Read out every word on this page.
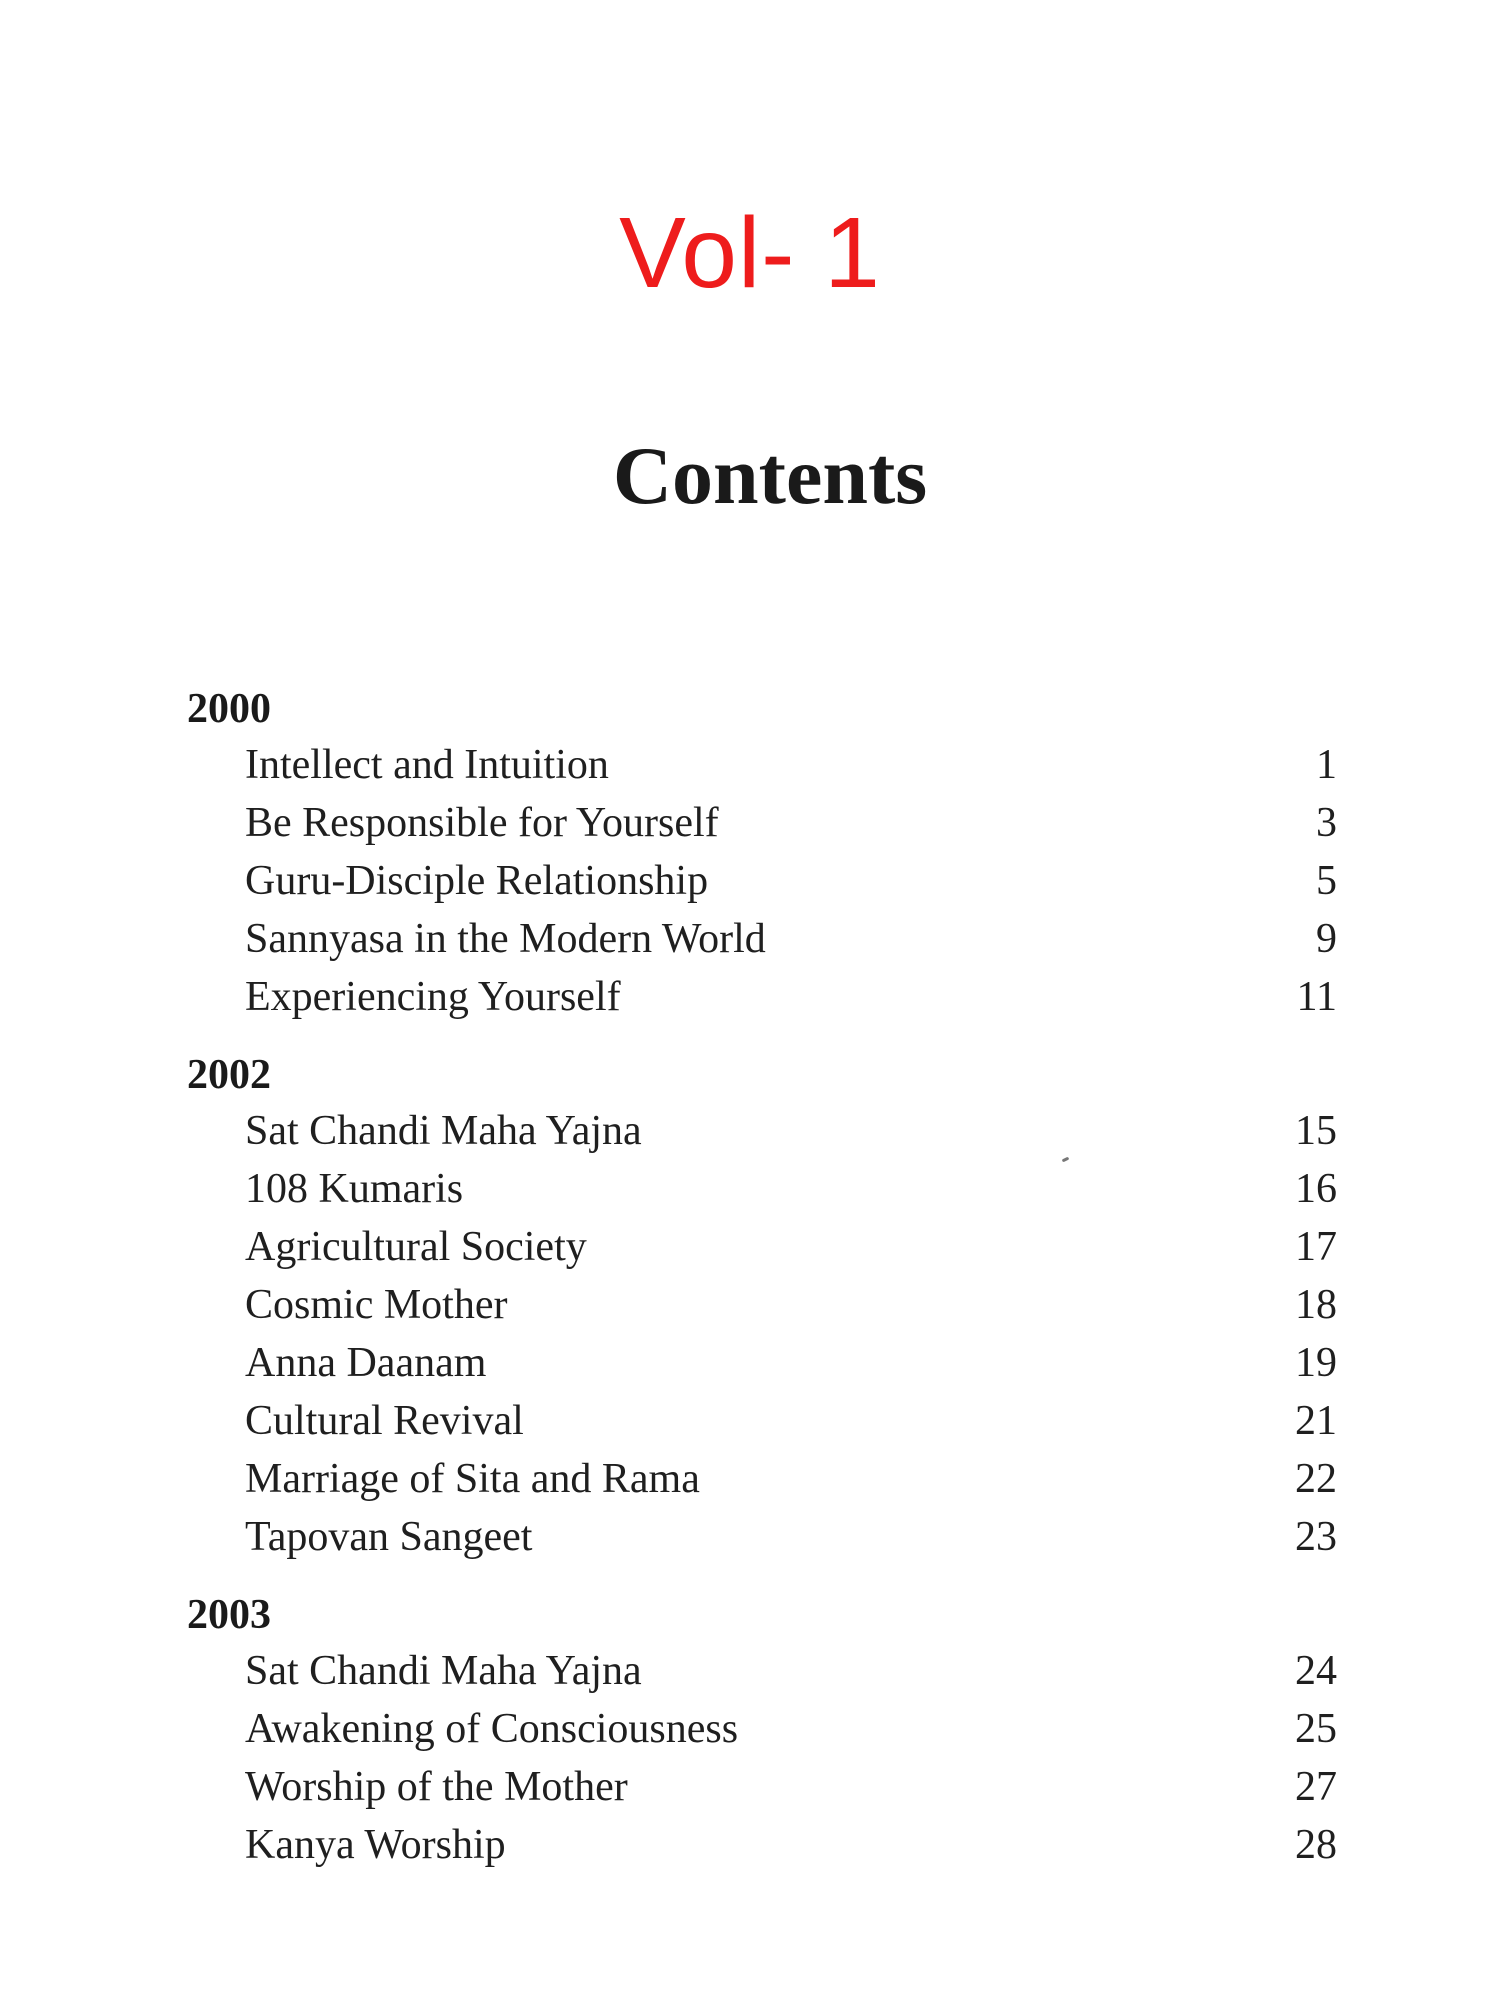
Vol- 1
Contents
2000
Intellect and Intuition	1
Be Responsible for Yourself	3
Guru-Disciple Relationship	5
Sannyasa in the Modern World	9
Experiencing Yourself	11
2002
Sat Chandi Maha Yajna	15
108 Kumaris	16
Agricultural Society	17
Cosmic Mother	18
Anna Daanam	19
Cultural Revival	21
Marriage of Sita and Rama	22
Tapovan Sangeet	23
2003
Sat Chandi Maha Yajna	24
Awakening of Consciousness	25
Worship of the Mother	27
Kanya Worship	28
